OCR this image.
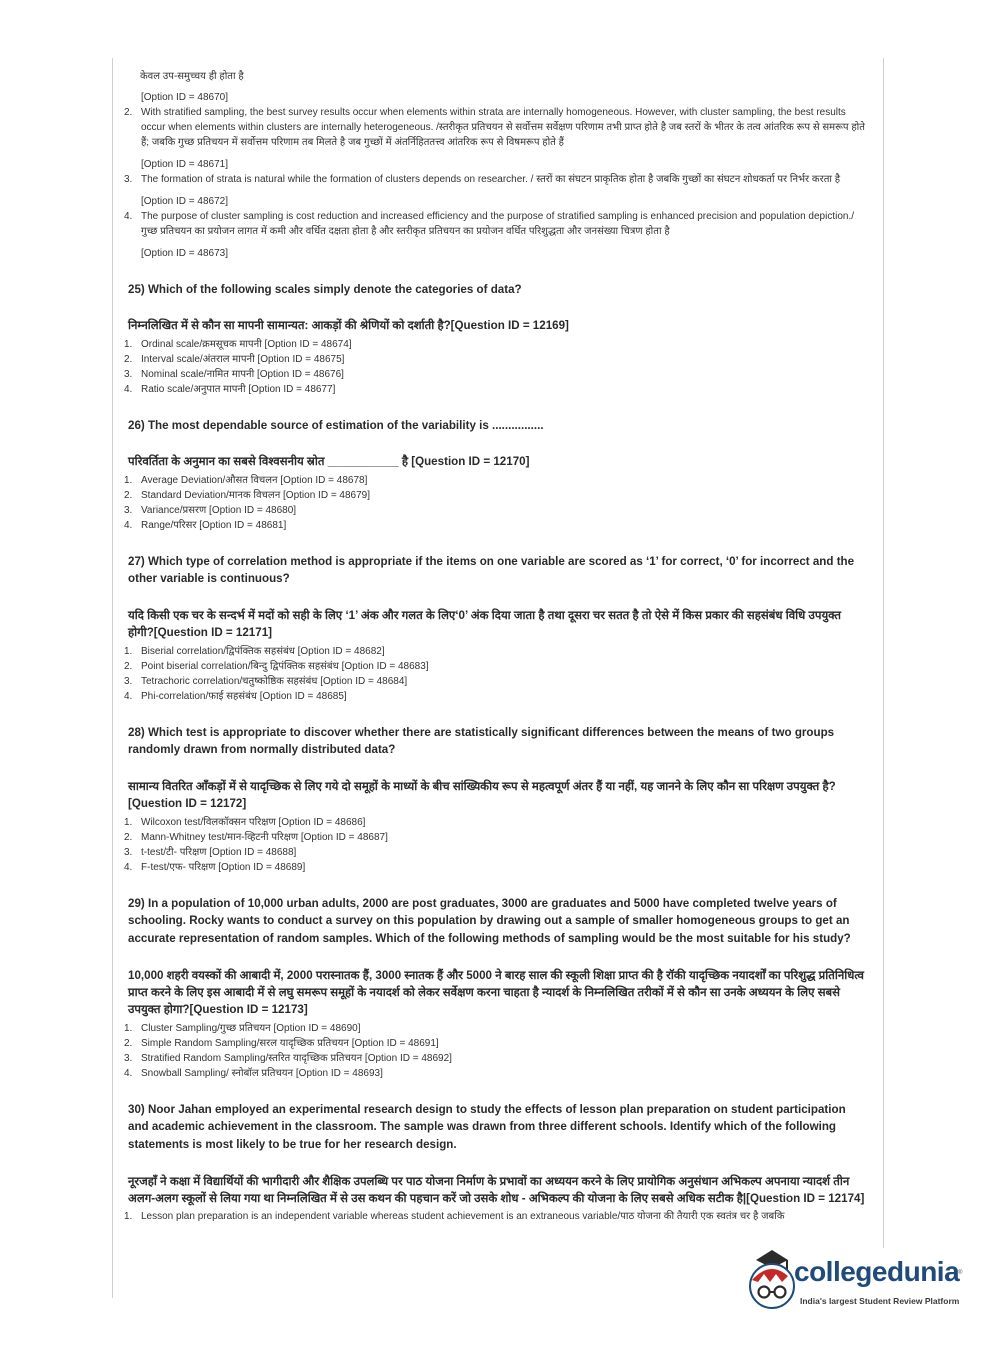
केवल उप-समुच्चय ही होता है
[Option ID = 48670]
2. With stratified sampling, the best survey results occur when elements within strata are internally homogeneous. However, with cluster sampling, the best results occur when elements within clusters are internally heterogeneous. /स्तरीकृत प्रतिचयन से सर्वोत्तम सर्वेक्षण परिणाम तभी प्राप्त होते है जब स्तरों के भीतर के तत्व आंतरिक रूप से समरूप होते हैं; जबकि गुच्छ प्रतिचयन में सर्वोत्तम परिणाम तब मिलते है जब गुच्छों में अंतर्निहिततत्त्व आंतरिक रूप से विषमरूप होते हैं
[Option ID = 48671]
3. The formation of strata is natural while the formation of clusters depends on researcher. / स्तरों का संघटन प्राकृतिक होता है जबकि गुच्छों का संघटन शोधकर्ता पर निर्भर करता है
[Option ID = 48672]
4. The purpose of cluster sampling is cost reduction and increased efficiency and the purpose of stratified sampling is enhanced precision and population depiction./ गुच्छ प्रतिचयन का प्रयोजन लागत में कमी और वर्धित दक्षता होता है और स्तरीकृत प्रतिचयन का प्रयोजन वर्धित परिशुद्धता और जनसंख्या चित्रण होता है
[Option ID = 48673]
25) Which of the following scales simply denote the categories of data?
निम्नलिखित में से कौन सा मापनी सामान्यत: आकड़ों की श्रेणियों को दर्शाती है?[Question ID = 12169]
1. Ordinal scale/क्रमसूचक मापनी [Option ID = 48674]
2. Interval scale/अंतराल मापनी [Option ID = 48675]
3. Nominal scale/नामित मापनी [Option ID = 48676]
4. Ratio scale/अनुपात मापनी [Option ID = 48677]
26) The most dependable source of estimation of the variability is ................
परिवर्तिता के अनुमान का सबसे विश्वसनीय स्रोत ___________ है [Question ID = 12170]
1. Average Deviation/औसत विचलन [Option ID = 48678]
2. Standard Deviation/मानक विचलन [Option ID = 48679]
3. Variance/प्रसरण [Option ID = 48680]
4. Range/परिसर [Option ID = 48681]
27) Which type of correlation method is appropriate if the items on one variable are scored as ‘1’ for correct, ‘0’ for incorrect and the other variable is continuous?
यदि किसी एक चर के सन्दर्भ में मदों को सही के लिए ‘1’ अंक और गलत के लिए‘0’ अंक दिया जाता है तथा दूसरा चर सतत है तो ऐसे में किस प्रकार की सहसंबंध विधि उपयुक्त होगी?[Question ID = 12171]
1. Biserial correlation/द्विपंक्तिक सहसंबंध [Option ID = 48682]
2. Point biserial correlation/बिन्दु द्विपंक्तिक सहसंबंध [Option ID = 48683]
3. Tetrachoric correlation/चतुष्कोष्ठिक सहसंबंध [Option ID = 48684]
4. Phi-correlation/फाई सहसंबंध [Option ID = 48685]
28) Which test is appropriate to discover whether there are statistically significant differences between the means of two groups randomly drawn from normally distributed data?
सामान्य वितरित आँकड़ों में से यादृच्छिक से लिए गये दो समूहों के माध्यों के बीच सांख्यिकीय रूप से महत्वपूर्ण अंतर हैं या नहीं, यह जानने के लिए कौन सा परिक्षण उपयुक्त है?[Question ID = 12172]
1. Wilcoxon test/विलकॉक्सन परिक्षण [Option ID = 48686]
2. Mann-Whitney test/मान-व्हिटनी परिक्षण [Option ID = 48687]
3. t-test/टी- परिक्षण [Option ID = 48688]
4. F-test/एफ- परिक्षण [Option ID = 48689]
29) In a population of 10,000 urban adults, 2000 are post graduates, 3000 are graduates and 5000 have completed twelve years of schooling. Rocky wants to conduct a survey on this population by drawing out a sample of smaller homogeneous groups to get an accurate representation of random samples. Which of the following methods of sampling would be the most suitable for his study?
10,000 शहरी वयस्कों की आबादी में, 2000 परास्नातक हैं, 3000 स्नातक हैं और 5000 ने बारह साल की स्कूली शिक्षा प्राप्त की है रॉकी यादृच्छिक नयादर्शों का परिशुद्ध प्रतिनिधित्व प्राप्त करने के लिए इस आबादी में से लघु समरूप समूहों के नयादर्श को लेकर सर्वेक्षण करना चाहता है न्यादर्श के निम्नलिखित तरीकों में से कौन सा उनके अध्ययन के लिए सबसे उपयुक्त होगा?[Question ID = 12173]
1. Cluster Sampling/गुच्छ प्रतिचयन [Option ID = 48690]
2. Simple Random Sampling/सरल यादृच्छिक प्रतिचयन [Option ID = 48691]
3. Stratified Random Sampling/स्तरित यादृच्छिक प्रतिचयन [Option ID = 48692]
4. Snowball Sampling/ स्नोबॉल प्रतिचयन [Option ID = 48693]
30) Noor Jahan employed an experimental research design to study the effects of lesson plan preparation on student participation and academic achievement in the classroom. The sample was drawn from three different schools. Identify which of the following statements is most likely to be true for her research design.
नूरजहाँ ने कक्षा में विद्यार्थियों की भागीदारी और शैक्षिक उपलब्धि पर पाठ योजना निर्माण के प्रभावों का अध्ययन करने के लिए प्रायोगिक अनुसंधान अभिकल्प अपनाया न्यादर्श तीन अलग-अलग स्कूलों से लिया गया था निम्नलिखित में से उस कथन की पहचान करें जो उसके शोध - अभिकल्प की योजना के लिए सबसे अधिक सटीक है|[Question ID = 12174]
1. Lesson plan preparation is an independent variable whereas student achievement is an extraneous variable/पाठ योजना की तैयारी एक स्वतंत्र चर है जबकि
collegedunia
®
India's largest Student Review Platform
